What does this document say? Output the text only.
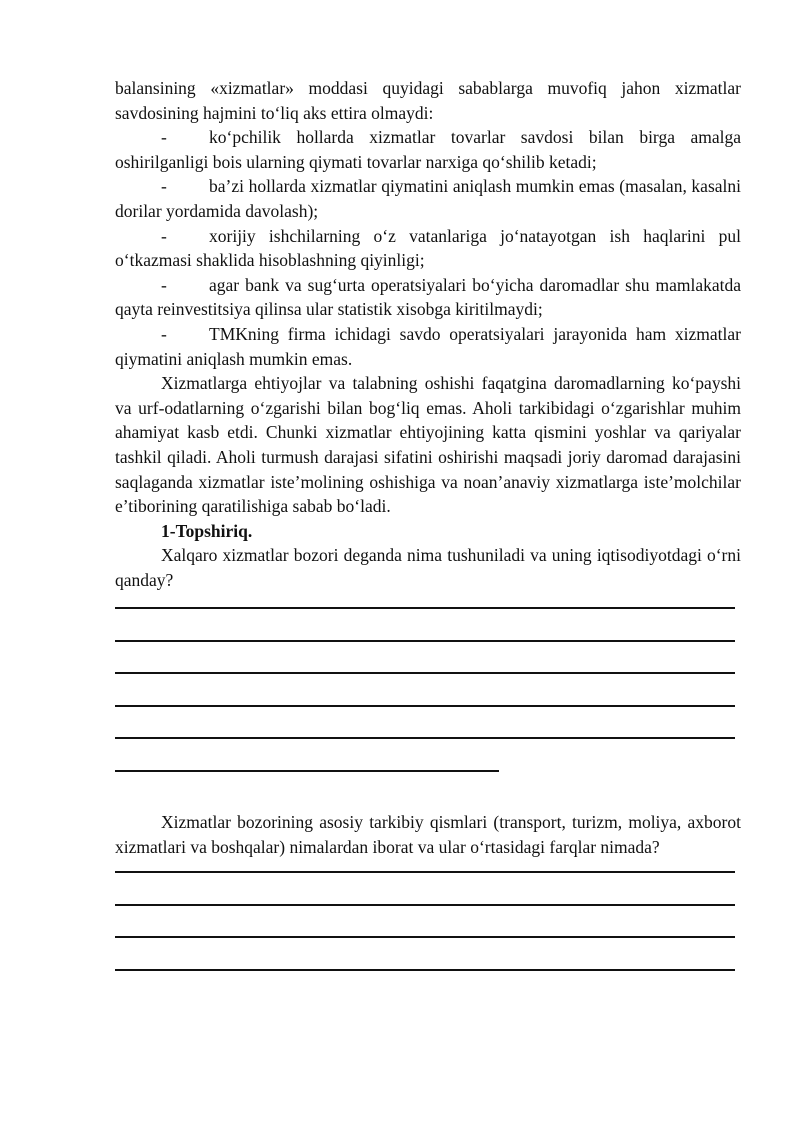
balansining «xizmatlar» moddasi quyidagi sabablarga muvofiq jahon xizmatlar savdosining hajmini to‘liq aks ettira olmaydi:

- ko‘pchilik hollarda xizmatlar tovarlar savdosi bilan birga amalga oshirilganligi bois ularning qiymati tovarlar narxiga qo‘shilib ketadi;

- ba’zi hollarda xizmatlar qiymatini aniqlash mumkin emas (masalan, kasalni dorilar yordamida davolash);

- xorijiy ishchilarning o‘z vatanlariga jo‘natayotgan ish haqlarini pul o‘tkazmasi shaklida hisoblashning qiyinligi;

- agar bank va sug‘urta operatsiyalari bo‘yicha daromadlar shu mamlakatda qayta reinvestitsiya qilinsa ular statistik xisobga kiritilmaydi;

- TMKning firma ichidagi savdo operatsiyalari jarayonida ham xizmatlar qiymatini aniqlash mumkin emas.

Xizmatlarga ehtiyojlar va talabning oshishi faqatgina daromadlarning ko‘payshi va urf-odatlarning o‘zgarishi bilan bog‘liq emas. Aholi tarkibidagi o‘zgarishlar muhim ahamiyat kasb etdi. Chunki xizmatlar ehtiyojining katta qismini yoshlar va qariyalar tashkil qiladi. Aholi turmush darajasi sifatini oshirishi maqsadi joriy daromad darajasini saqlaganda xizmatlar iste’molining oshishiga va noan’anaviy xizmatlarga iste’molchilar e’tiborining qaratilishiga sabab bo‘ladi.

1-Topshiriq.

Xalqaro xizmatlar bozori deganda nima tushuniladi va uning iqtisodiyotdagi o‘rni qanday?

Xizmatlar bozorining asosiy tarkibiy qismlari (transport, turizm, moliya, axborot xizmatlari va boshqalar) nimalardan iborat va ular o‘rtasidagi farqlar nimada?
